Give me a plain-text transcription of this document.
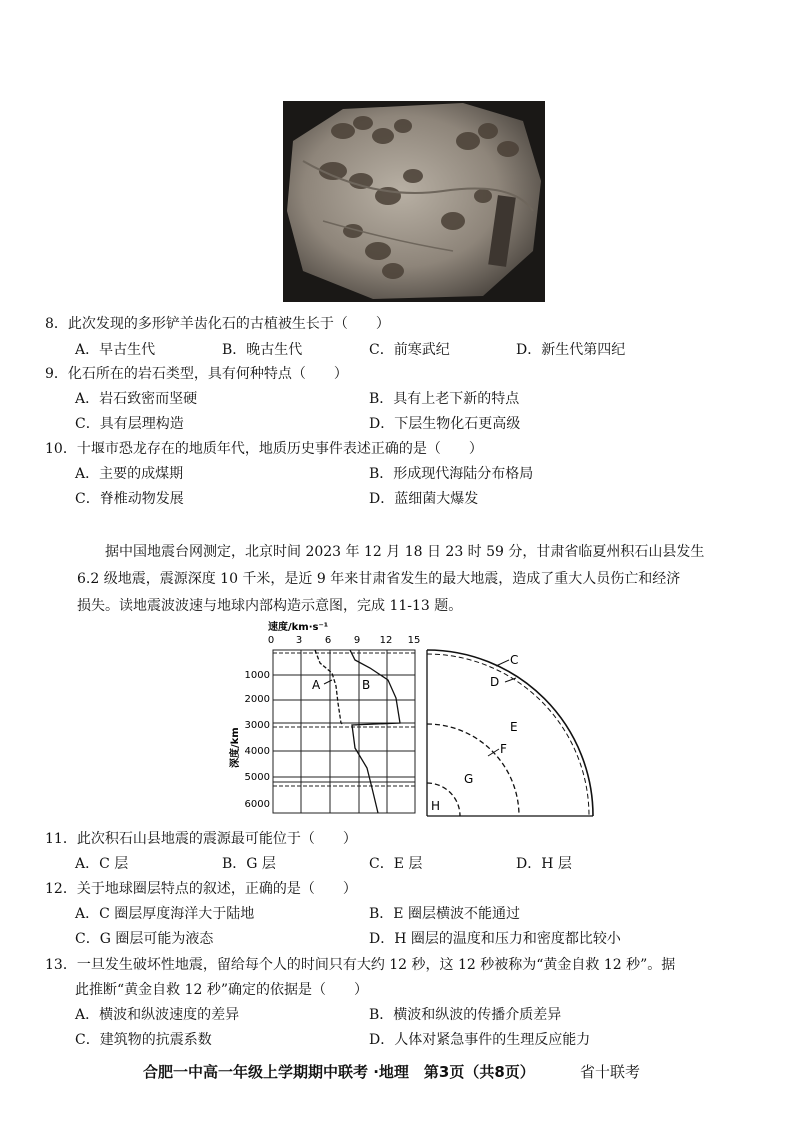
8．此次发现的多形铲羊齿化石的古植被生长于（　　）
A．早古生代	B．晚古生代	C．前寒武纪	D．新生代第四纪
9．化石所在的岩石类型，具有何种特点（　　）
A．岩石致密而坚硬	B．具有上老下新的特点
C．具有层理构造	D．下层生物化石更高级
10．十堰市恐龙存在的地质年代，地质历史事件表述正确的是（　　）
A．主要的成煤期	B．形成现代海陆分布格局
C．脊椎动物发展	D．蓝细菌大爆发
据中国地震台网测定，北京时间 2023 年 12 月 18 日 23 时 59 分，甘肃省临夏州积石山县发生
6.2 级地震，震源深度 10 千米，是近 9 年来甘肃省发生的最大地震，造成了重大人员伤亡和经济
损失。读地震波波速与地球内部构造示意图，完成 11-13 题。
速度/km·s⁻¹
深度/km
0 3 6 9 12 15
1000
2000
3000
4000
5000
6000
A	B
C
D
E
F
G
H
11．此次积石山县地震的震源最可能位于（　　）
A．C 层	B．G 层	C．E 层	D．H 层
12．关于地球圈层特点的叙述，正确的是（　　）
A．C 圈层厚度海洋大于陆地	B．E 圈层横波不能通过
C．G 圈层可能为液态	D．H 圈层的温度和压力和密度都比较小
13．一旦发生破坏性地震，留给每个人的时间只有大约 12 秒，这 12 秒被称为“黄金自救 12 秒”。据
此推断“黄金自救 12 秒”确定的依据是（　　）
A．横波和纵波速度的差异	B．横波和纵波的传播介质差异
C．建筑物的抗震系数	D．人体对紧急事件的生理反应能力
合肥一中高一年级上学期期中联考 ·地理　第3页（共8页）	省十联考
